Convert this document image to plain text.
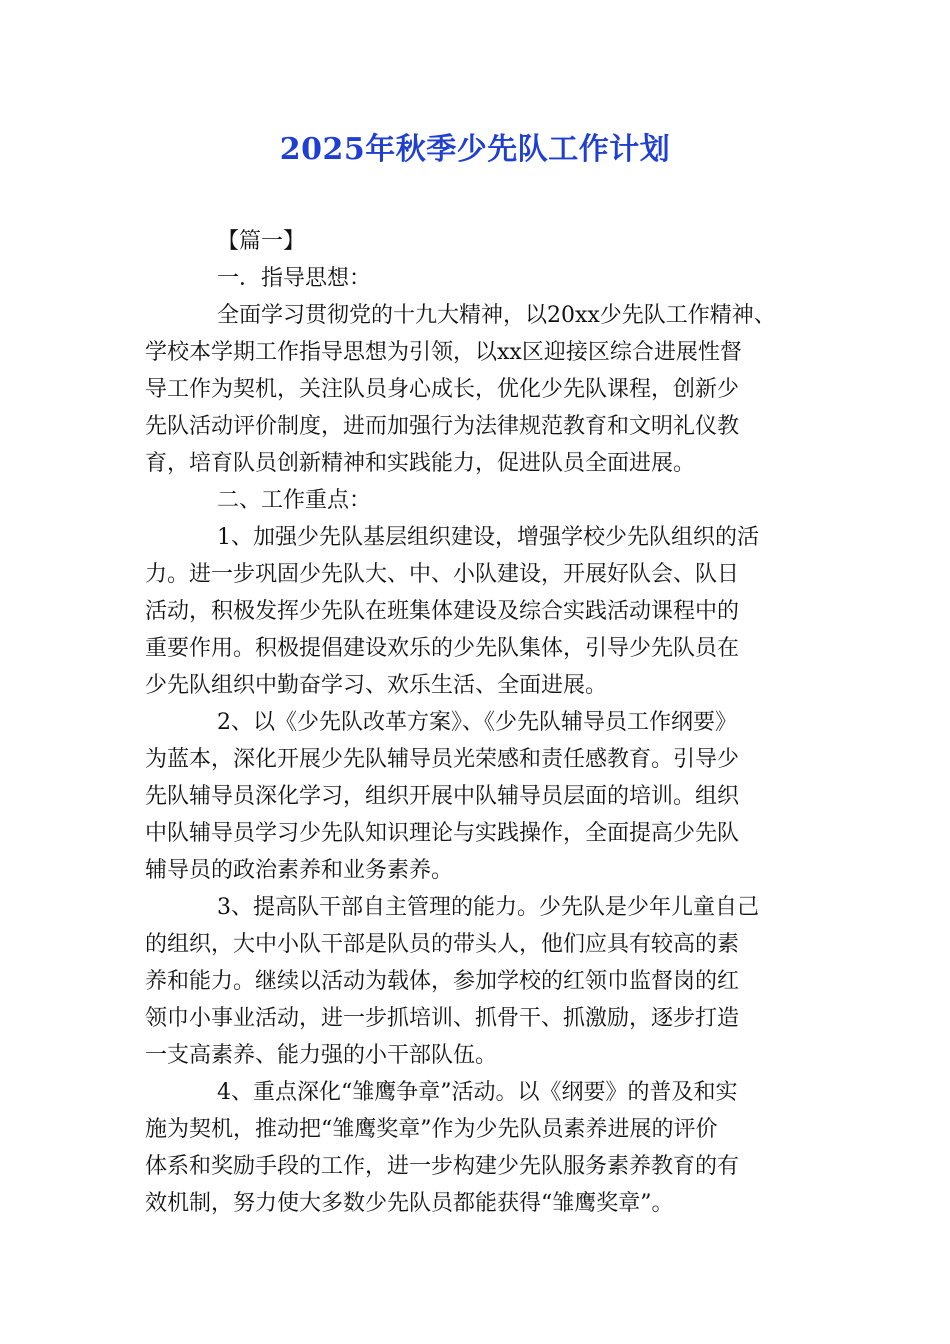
2025年秋季少先队工作计划
【篇一】
一．指导思想：
全面学习贯彻党的十九大精神，以20xx少先队工作精神、
学校本学期工作指导思想为引领，以xx区迎接区综合进展性督
导工作为契机，关注队员身心成长，优化少先队课程，创新少
先队活动评价制度，进而加强行为法律规范教育和文明礼仪教
育，培育队员创新精神和实践能力，促进队员全面进展。
二、工作重点：
1、加强少先队基层组织建设，增强学校少先队组织的活
力。进一步巩固少先队大、中、小队建设，开展好队会、队日
活动，积极发挥少先队在班集体建设及综合实践活动课程中的
重要作用。积极提倡建设欢乐的少先队集体，引导少先队员在
少先队组织中勤奋学习、欢乐生活、全面进展。
2、以《少先队改革方案》、《少先队辅导员工作纲要》
为蓝本，深化开展少先队辅导员光荣感和责任感教育。引导少
先队辅导员深化学习，组织开展中队辅导员层面的培训。组织
中队辅导员学习少先队知识理论与实践操作，全面提高少先队
辅导员的政治素养和业务素养。
3、提高队干部自主管理的能力。少先队是少年儿童自己
的组织，大中小队干部是队员的带头人，他们应具有较高的素
养和能力。继续以活动为载体，参加学校的红领巾监督岗的红
领巾小事业活动，进一步抓培训、抓骨干、抓激励，逐步打造
一支高素养、能力强的小干部队伍。
4、重点深化“雏鹰争章”活动。以《纲要》的普及和实
施为契机，推动把“雏鹰奖章”作为少先队员素养进展的评价
体系和奖励手段的工作，进一步构建少先队服务素养教育的有
效机制，努力使大多数少先队员都能获得“雏鹰奖章”。
